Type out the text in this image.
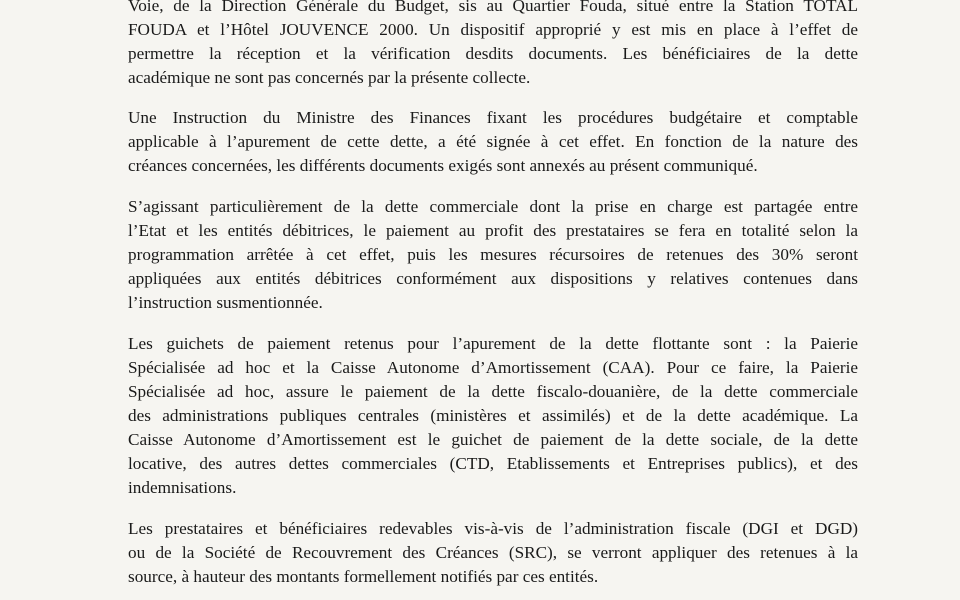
Voie, de la Direction Générale du Budget, sis au Quartier Fouda, situé entre la Station TOTAL
FOUDA et l’Hôtel JOUVENCE 2000. Un dispositif approprié y est mis en place à l’effet de
permettre la réception et la vérification desdits documents. Les bénéficiaires de la dette
académique ne sont pas concernés par la présente collecte.
Une Instruction du Ministre des Finances fixant les procédures budgétaire et comptable
applicable à l’apurement de cette dette, a été signée à cet effet. En fonction de la nature des
créances concernées, les différents documents exigés sont annexés au présent communiqué.
S’agissant particulièrement de la dette commerciale dont la prise en charge est partagée entre
l’Etat et les entités débitrices, le paiement au profit des prestataires se fera en totalité selon la
programmation arrêtée à cet effet, puis les mesures récursoires de retenues des 30% seront
appliquées aux entités débitrices conformément aux dispositions y relatives contenues dans
l’instruction susmentionnée.
Les guichets de paiement retenus pour l’apurement de la dette flottante sont : la Paierie
Spécialisée ad hoc et la Caisse Autonome d’Amortissement (CAA). Pour ce faire, la Paierie
Spécialisée ad hoc, assure le paiement de la dette fiscalo-douanière, de la dette commerciale
des administrations publiques centrales (ministères et assimilés) et de la dette académique. La
Caisse Autonome d’Amortissement est le guichet de paiement de la dette sociale, de la dette
locative, des autres dettes commerciales (CTD, Etablissements et Entreprises publics), et des
indemnisations.
Les prestataires et bénéficiaires redevables vis-à-vis de l’administration fiscale (DGI et DGD)
ou de la Société de Recouvrement des Créances (SRC), se verront appliquer des retenues à la
source, à hauteur des montants formellement notifiés par ces entités.
